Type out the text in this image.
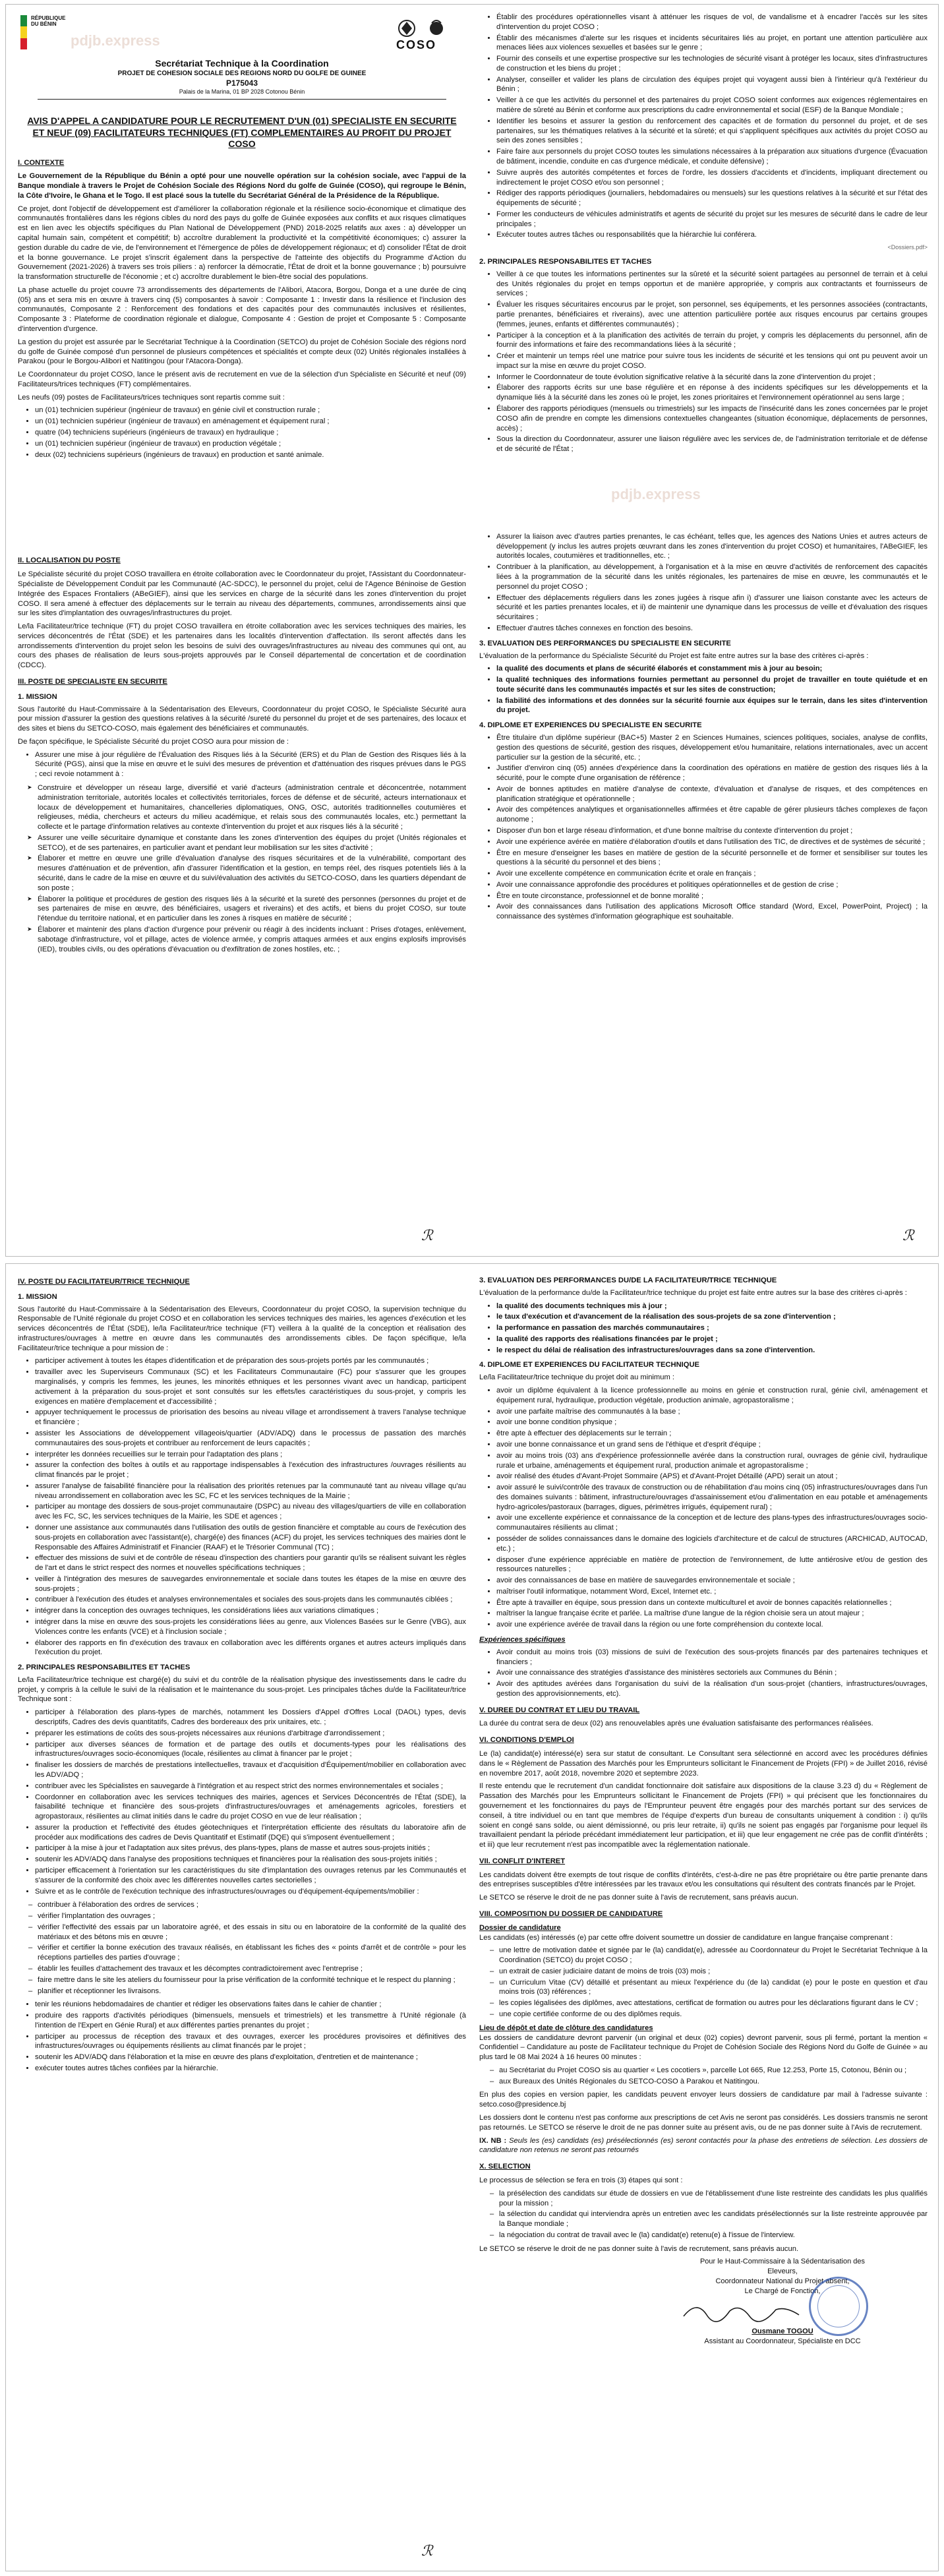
RÉPUBLIQUE
DU BÉNIN
pdjb.express	COSO
Secrétariat Technique à la Coordination
PROJET DE COHESION SOCIALE DES REGIONS NORD DU GOLFE DE GUINEE
P175043
Palais de la Marina, 01 BP 2028 Cotonou Bénin
AVIS D'APPEL A CANDIDATURE POUR LE RECRUTEMENT D'UN (01) SPECIALISTE EN SECURITE ET NEUF (09) FACILITATEURS TECHNIQUES (FT) COMPLEMENTAIRES AU PROFIT DU PROJET COSO
I. CONTEXTE

Le Gouvernement de la République du Bénin a opté pour une nouvelle opération sur la cohésion sociale, avec l'appui de la Banque mondiale à travers le Projet de Cohésion Sociale des Régions Nord du golfe de Guinée (COSO), qui regroupe le Bénin, la Côte d'Ivoire, le Ghana et le Togo. Il est placé sous la tutelle du Secrétariat Général de la Présidence de la République.

Ce projet, dont l'objectif de développement est d'améliorer la collaboration régionale et la résilience socio-économique et climatique des communautés frontalières dans les régions cibles du nord des pays du golfe de Guinée exposées aux conflits et aux risques climatiques est en lien avec les objectifs spécifiques du Plan National de Développement (PND) 2018-2025 relatifs aux axes : a) développer un capital humain sain, compétent et compétitif; b) accroître durablement la productivité et la compétitivité économiques; c) assurer la gestion durable du cadre de vie, de l'environnement et l'émergence de pôles de développement régionaux; et d) consolider l'État de droit et la bonne gouvernance. Le projet s'inscrit également dans la perspective de l'atteinte des objectifs du Programme d'Action du Gouvernement (2021-2026) à travers ses trois piliers : a) renforcer la démocratie, l'État de droit et la bonne gouvernance ; b) poursuivre la transformation structurelle de l'économie ; et c) accroître durablement le bien-être social des populations.

La phase actuelle du projet couvre 73 arrondissements des départements de l'Alibori, Atacora, Borgou, Donga et a une durée de cinq (05) ans et sera mis en œuvre à travers cinq (5) composantes à savoir : Composante 1 : Investir dans la résilience et l'inclusion des communautés, Composante 2 : Renforcement des fondations et des capacités pour des communautés inclusives et résilientes, Composante 3 : Plateforme de coordination régionale et dialogue, Composante 4 : Gestion de projet et Composante 5 : Composante d'intervention d'urgence.

La gestion du projet est assurée par le Secrétariat Technique à la Coordination (SETCO) du projet de Cohésion Sociale des régions nord du golfe de Guinée composé d'un personnel de plusieurs compétences et spécialités et compte deux (02) Unités régionales installées à Parakou (pour le Borgou-Alibori et Natitingou (pour l'Atacora-Donga).

Le Coordonnateur du projet COSO, lance le présent avis de recrutement en vue de la sélection d'un Spécialiste en Sécurité et neuf (09) Facilitateurs/trices techniques (FT) complémentaires.

Les neufs (09) postes de Facilitateurs/trices techniques sont repartis comme suit :

• un (01) technicien supérieur (ingénieur de travaux) en génie civil et construction rurale ;
• un (01) technicien supérieur (ingénieur de travaux) en aménagement et équipement rural ;
• quatre (04) techniciens supérieurs (ingénieurs de travaux) en hydraulique ;
• un (01) technicien supérieur (ingénieur de travaux) en production végétale ;
• deux (02) techniciens supérieurs (ingénieurs de travaux) en production et santé animale.
II. LOCALISATION DU POSTE

Le Spécialiste sécurité du projet COSO travaillera en étroite collaboration avec le Coordonnateur du projet, l'Assistant du Coordonnateur-Spécialiste de Développement Conduit par les Communauté (AC-SDCC), le personnel du projet, celui de l'Agence Béninoise de Gestion Intégrée des Espaces Frontaliers (ABeGIEF), ainsi que les services en charge de la sécurité dans les zones d'intervention du projet COSO. Il sera amené à effectuer des déplacements sur le terrain au niveau des départements, communes, arrondissements ainsi que sur les sites d'implantation des ouvrages/infrastructures du projet.

Le/la Facilitateur/trice technique (FT) du projet COSO travaillera en étroite collaboration avec les services techniques des mairies, les services déconcentrés de l'État (SDE) et les partenaires dans les localités d'intervention d'affectation. Ils seront affectés dans les arrondissements d'intervention du projet selon les besoins de suivi des ouvrages/infrastructures au niveau des communes qui ont, au cours des phases de réalisation de leurs sous-projets approuvés par le Conseil départemental de concertation et de coordination (CDCC).

III. POSTE DE SPECIALISTE EN SECURITE
1. MISSION

Sous l'autorité du Haut-Commissaire à la Sédentarisation des Eleveurs, Coordonnateur du projet COSO, le Spécialiste Sécurité aura pour mission d'assurer la gestion des questions relatives à la sécurité /sureté du personnel du projet et de ses partenaires, des locaux et des sites et biens du SETCO-COSO, mais également des bénéficiaires et communautés.

De façon spécifique, le Spécialiste Sécurité du projet COSO aura pour mission de :

• Assurer une mise à jour régulière de l'Évaluation des Risques liés à la Sécurité (ERS) et du Plan de Gestion des Risques liés à la Sécurité (PGS), ainsi que la mise en œuvre et le suivi des mesures de prévention et d'atténuation des risques prévues dans le PGS ; ceci revoie notamment à :
➤ Construire et développer un réseau large, diversifié et varié d'acteurs (administration centrale et déconcentrée, notamment administration territoriale, autorités locales et collectivités territoriales, forces de défense et de sécurité, acteurs internationaux et locaux de développement et humanitaires, chancelleries diplomatiques, ONG, OSC, autorités traditionnelles coutumières et religieuses, média, chercheurs et acteurs du milieu académique, et relais sous des communautés locales, etc.) permettant la collecte et le partage d'information relatives au contexte d'intervention du projet et aux risques liés à la sécurité ;
➤ Assurer une veille sécuritaire dynamique et constante dans les zones d'intervention des équipes du projet (Unités régionales et SETCO), et de ses partenaires, en particulier avant et pendant leur mobilisation sur les sites d'activité ;
➤ Élaborer et mettre en œuvre une grille d'évaluation d'analyse des risques sécuritaires et de la vulnérabilité, comportant des mesures d'atténuation et de prévention, afin d'assurer l'identification et la gestion, en temps réel, des risques potentiels liés à la sécurité, dans le cadre de la mise en œuvre et du suivi/évaluation des activités du SETCO-COSO, dans les quartiers dépendant de son poste ;
➤ Élaborer la politique et procédures de gestion des risques liés à la sécurité et la sureté des personnes (personnes du projet et de ses partenaires de mise en œuvre, des bénéficiaires, usagers et riverains) et des actifs, et biens du projet COSO, sur toute l'étendue du territoire national, et en particulier dans les zones à risques en matière de sécurité ;
➤ Élaborer et maintenir des plans d'action d'urgence pour prévenir ou réagir à des incidents incluant : Prises d'otages, enlèvement, sabotage d'infrastructure, vol et pillage, actes de violence armée, y compris attaques armées et aux engins explosifs improvisés (IED), troubles civils, ou des opérations d'évacuation ou d'exfiltration de zones hostiles, etc. ;
• Établir des procédures opérationnelles visant à atténuer les risques de vol, de vandalisme et à encadrer l'accès sur les sites d'intervention du projet COSO ;
• Établir des mécanismes d'alerte sur les risques et incidents sécuritaires liés au projet, en portant une attention particulière aux menaces liées aux violences sexuelles et basées sur le genre ;
• Fournir des conseils et une expertise prospective sur les technologies de sécurité visant à protéger les locaux, sites d'infrastructures de construction et les biens du projet ;
• Analyser, conseiller et valider les plans de circulation des équipes projet qui voyagent aussi bien à l'intérieur qu'à l'extérieur du Bénin ;
• Veiller à ce que les activités du personnel et des partenaires du projet COSO soient conformes aux exigences réglementaires en matière de sûreté au Bénin et conforme aux prescriptions du cadre environnemental et social (ESF) de la Banque Mondiale ;
• Identifier les besoins et assurer la gestion du renforcement des capacités et de formation du personnel du projet, et de ses partenaires, sur les thématiques relatives à la sécurité et la sûreté; et qui s'appliquent spécifiques aux activités du projet COSO au sein des zones sensibles ;
• Faire faire aux personnels du projet COSO toutes les simulations nécessaires à la préparation aux situations d'urgence (Évacuation de bâtiment, incendie, conduite en cas d'urgence médicale, et conduite défensive) ;
• Suivre auprès des autorités compétentes et forces de l'ordre, les dossiers d'accidents et d'incidents, impliquant directement ou indirectement le projet COSO et/ou son personnel ;
• Rédiger des rapports périodiques (journaliers, hebdomadaires ou mensuels) sur les questions relatives à la sécurité et sur l'état des équipements de sécurité ;
• Former les conducteurs de véhicules administratifs et agents de sécurité du projet sur les mesures de sécurité dans le cadre de leur principales ;
• Exécuter toutes autres tâches ou responsabilités que la hiérarchie lui conférera.
<Dossiers.pdf>
2. PRINCIPALES RESPONSABILITES ET TACHES
• Veiller à ce que toutes les informations pertinentes sur la sûreté et la sécurité soient partagées au personnel de terrain et à celui des Unités régionales du projet en temps opportun et de manière appropriée, y compris aux contractants et fournisseurs de services ;
• Évaluer les risques sécuritaires encourus par le projet, son personnel, ses équipements, et les personnes associées (contractants, partie prenantes, bénéficiaires et riverains), avec une attention particulière portée aux risques encourus par certains groupes (femmes, jeunes, enfants et différentes communautés) ;
• Participer à la conception et à la planification des activités de terrain du projet, y compris les déplacements du personnel, afin de fournir des informations et faire des recommandations liées à la sécurité ;
• Créer et maintenir un temps réel une matrice pour suivre tous les incidents de sécurité et les tensions qui ont pu peuvent avoir un impact sur la mise en œuvre du projet COSO.
• Informer le Coordonnateur de toute évolution significative relative à la sécurité dans la zone d'intervention du projet ;
• Élaborer des rapports écrits sur une base régulière et en réponse à des incidents spécifiques sur les développements et la dynamique liés à la sécurité dans les zones où le projet, les zones prioritaires et l'environnement opérationnel au sens large ;
• Élaborer des rapports périodiques (mensuels ou trimestriels) sur les impacts de l'insécurité dans les zones concernées par le projet COSO afin de prendre en compte les dimensions contextuelles changeantes (situation économique, déplacements de personnes, accès) ;
• Sous la direction du Coordonnateur, assurer une liaison régulière avec les services de, de l'administration territoriale et de défense et de sécurité de l'État ;
pdjb.express
• Assurer la liaison avec d'autres parties prenantes, le cas échéant, telles que, les agences des Nations Unies et autres acteurs de développement (y inclus les autres projets œuvrant dans les zones d'intervention du projet COSO) et humanitaires, l'ABeGIEF, les autorités locales, coutumières et traditionnelles, etc. ;
• Contribuer à la planification, au développement, à l'organisation et à la mise en œuvre d'activités de renforcement des capacités liées à la programmation de la sécurité dans les unités régionales, les partenaires de mise en œuvre, les communautés et le personnel du projet COSO ;
• Effectuer des déplacements réguliers dans les zones jugées à risque afin i) d'assurer une liaison constante avec les acteurs de sécurité et les parties prenantes locales, et ii) de maintenir une dynamique dans les processus de veille et d'évaluation des risques sécuritaires ;
• Effectuer d'autres tâches connexes en fonction des besoins.
3. EVALUATION DES PERFORMANCES DU SPECIALISTE EN SECURITE

L'évaluation de la performance du Spécialiste Sécurité du Projet est faite entre autres sur la base des critères ci-après :

• la qualité des documents et plans de sécurité élaborés et constamment mis à jour au besoin;
• la qualité techniques des informations fournies permettant au personnel du projet de travailler en toute quiétude et en toute sécurité dans les communautés impactés et sur les sites de construction;
• la fiabilité des informations et des données sur la sécurité fournie aux équipes sur le terrain, dans les sites d'intervention du projet.
4. DIPLOME ET EXPERIENCES DU SPECIALISTE EN SECURITE
• Être titulaire d'un diplôme supérieur (BAC+5) Master 2 en Sciences Humaines, sciences politiques, sociales, analyse de conflits, gestion des questions de sécurité, gestion des risques, développement et/ou humanitaire, relations internationales, avec un accent particulier sur la gestion de la sécurité, etc. ;
• Justifier d'environ cinq (05) années d'expérience dans la coordination des opérations en matière de gestion des risques liés à la sécurité, pour le compte d'une organisation de référence ;
• Avoir de bonnes aptitudes en matière d'analyse de contexte, d'évaluation et d'analyse de risques, et des compétences en planification stratégique et opérationnelle ;
• Avoir des compétences analytiques et organisationnelles affirmées et être capable de gérer plusieurs tâches complexes de façon autonome ;
• Disposer d'un bon et large réseau d'information, et d'une bonne maîtrise du contexte d'intervention du projet ;
• Avoir une expérience avérée en matière d'élaboration d'outils et dans l'utilisation des TIC, de directives et de systèmes de sécurité ;
• Être en mesure d'enseigner les bases en matière de gestion de la sécurité personnelle et de former et sensibiliser sur toutes les questions à la sécurité du personnel et des biens ;
• Avoir une excellente compétence en communication écrite et orale en français ;
• Avoir une connaissance approfondie des procédures et politiques opérationnelles et de gestion de crise ;
• Être en toute circonstance, professionnel et de bonne moralité ;
• Avoir des connaissances dans l'utilisation des applications Microsoft Office standard (Word, Excel, PowerPoint, Project) ; la connaissance des systèmes d'information géographique est souhaitable.
ℛ	ℛ
IV. POSTE DU FACILITATEUR/TRICE TECHNIQUE
1. MISSION

Sous l'autorité du Haut-Commissaire à la Sédentarisation des Eleveurs, Coordonnateur du projet COSO, la supervision technique du Responsable de l'Unité régionale du projet COSO et en collaboration les services techniques des mairies, les agences d'exécution et les services déconcentrés de l'État (SDE), le/la Facilitateur/trice technique (FT) veillera à la qualité de la conception et réalisation des infrastructures/ouvrages à mettre en œuvre dans les communautés des arrondissements cibles. De façon spécifique, le/la Facilitateur/trice technique a pour mission de :

• participer activement à toutes les étapes d'identification et de préparation des sous-projets portés par les communautés ;
• travailler avec les Superviseurs Communaux (SC) et les Facilitateurs Communautaire (FC) pour s'assurer que les groupes marginalisés, y compris les femmes, les jeunes, les minorités ethniques et les personnes vivant avec un handicap, participent activement à la préparation du sous-projet et sont consultés sur les effets/les caractéristiques du sous-projet, y compris les exigences en matière d'emplacement et d'accessibilité ;
• appuyer techniquement le processus de priorisation des besoins au niveau village et arrondissement à travers l'analyse technique et financière ;
• assister les Associations de développement villageois/quartier (ADV/ADQ) dans le processus de passation des marchés communautaires des sous-projets et contribuer au renforcement de leurs capacités ;
• interpréter les données recueillies sur le terrain pour l'adaptation des plans ;
• assurer la confection des boîtes à outils et au rapportage indispensables à l'exécution des infrastructures /ouvrages résilients au climat financés par le projet ;
• assurer l'analyse de faisabilité financière pour la réalisation des priorités retenues par la communauté tant au niveau village qu'au niveau arrondissement en collaboration avec les SC, FC et les services techniques de la Mairie ;
• participer au montage des dossiers de sous-projet communautaire (DSPC) au niveau des villages/quartiers de ville en collaboration avec les FC, SC, les services techniques de la Mairie, les SDE et agences ;
• donner une assistance aux communautés dans l'utilisation des outils de gestion financière et comptable au cours de l'exécution des sous-projets en collaboration avec l'assistant(e), chargé(e) des finances (ACF) du projet, les services techniques des mairies dont le Responsable des Affaires Administratif et Financier (RAAF) et le Trésorier Communal (TC) ;
• effectuer des missions de suivi et de contrôle de réseau d'inspection des chantiers pour garantir qu'ils se réalisent suivant les règles de l'art et dans le strict respect des normes et nouvelles spécifications techniques ;
• veiller à l'intégration des mesures de sauvegardes environnementale et sociale dans toutes les étapes de la mise en œuvre des sous-projets ;
• contribuer à l'exécution des études et analyses environnementales et sociales des sous-projets dans les communautés ciblées ;
• intégrer dans la conception des ouvrages techniques, les considérations liées aux variations climatiques ;
• intégrer dans la mise en œuvre des sous-projets les considérations liées au genre, aux Violences Basées sur le Genre (VBG), aux Violences contre les enfants (VCE) et à l'inclusion sociale ;
• élaborer des rapports en fin d'exécution des travaux en collaboration avec les différents organes et autres acteurs impliqués dans l'exécution du projet.
2. PRINCIPALES RESPONSABILITES ET TACHES

Le/la Facilitateur/trice technique est chargé(e) du suivi et du contrôle de la réalisation physique des investissements dans le cadre du projet, y compris à la cellule le suivi de la réalisation et le maintenance du sous-projet. Les principales tâches du/de la Facilitateur/trice Technique sont :

• participer à l'élaboration des plans-types de marchés, notamment les Dossiers d'Appel d'Offres Local (DAOL) types, devis descriptifs, Cadres des devis quantitatifs, Cadres des bordereaux des prix unitaires, etc. ;
• préparer les estimations de coûts des sous-projets nécessaires aux réunions d'arbitrage d'arrondissement ;
• participer aux diverses séances de formation et de partage des outils et documents-types pour les réalisations des infrastructures/ouvrages socio-économiques (locale, résilientes au climat à financer par le projet ;
• finaliser les dossiers de marchés de prestations intellectuelles, travaux et d'acquisition d'Équipement/mobilier en collaboration avec les ADV/ADQ ;
• contribuer avec les Spécialistes en sauvegarde à l'intégration et au respect strict des normes environnementales et sociales ;
• Coordonner en collaboration avec les services techniques des mairies, agences et Services Déconcentrés de l'État (SDE), la faisabilité technique et financière des sous-projets d'infrastructures/ouvrages et aménagements agricoles, forestiers et agropastoraux, résilientes au climat initiés dans le cadre du projet COSO en vue de leur réalisation ;
• assurer la production et l'effectivité des études géotechniques et l'interprétation efficiente des résultats du laboratoire afin de procéder aux modifications des cadres de Devis Quantitatif et Estimatif (DQE) qui s'imposent éventuellement ;
• participer à la mise à jour et l'adaptation aux sites prévus, des plans-types, plans de masse et autres sous-projets initiés ;
• soutenir les ADV/ADQ dans l'analyse des propositions techniques et financières pour la réalisation des sous-projets initiés ;
• participer efficacement à l'orientation sur les caractéristiques du site d'implantation des ouvrages retenus par les Communautés et s'assurer de la conformité des choix avec les différentes nouvelles cartes sectorielles ;
• Suivre et as le contrôle de l'exécution technique des infrastructures/ouvrages ou d'équipement-équipements/mobilier :
– contribuer à l'élaboration des ordres de services ;
– vérifier l'implantation des ouvrages ;
– vérifier l'effectivité des essais par un laboratoire agréé, et des essais in situ ou en laboratoire de la conformité de la qualité des matériaux et des bétons mis en œuvre ;
– vérifier et certifier la bonne exécution des travaux réalisés, en établissant les fiches des « points d'arrêt et de contrôle » pour les réceptions partielles des parties d'ouvrage ;
– établir les feuilles d'attachement des travaux et les décomptes contradictoirement avec l'entreprise ;
– faire mettre dans le site les ateliers du fournisseur pour la prise vérification de la conformité technique et le respect du planning ;
– planifier et réceptionner les livraisons.
• tenir les réunions hebdomadaires de chantier et rédiger les observations faites dans le cahier de chantier ;
• produire des rapports d'activités périodiques (bimensuels, mensuels et trimestriels) et les transmettre à l'Unité régionale (à l'intention de l'Expert en Génie Rural) et aux différentes parties prenantes du projet ;
• participer au processus de réception des travaux et des ouvrages, exercer les procédures provisoires et définitives des infrastructures/ouvrages ou équipements résilients au climat financés par le projet ;
• soutenir les ADV/ADQ dans l'élaboration et la mise en œuvre des plans d'exploitation, d'entretien et de maintenance ;
• exécuter toutes autres tâches confiées par la hiérarchie.
3. EVALUATION DES PERFORMANCES DU/DE LA FACILITATEUR/TRICE TECHNIQUE

L'évaluation de la performance du/de la Facilitateur/trice technique du projet est faite entre autres sur la base des critères ci-après :

• la qualité des documents techniques mis à jour ;
• le taux d'exécution et d'avancement de la réalisation des sous-projets de sa zone d'intervention ;
• la performance en passation des marchés communautaires ;
• la qualité des rapports des réalisations financées par le projet ;
• le respect du délai de réalisation des infrastructures/ouvrages dans sa zone d'intervention.
4. DIPLOME ET EXPERIENCES DU FACILITATEUR TECHNIQUE

Le/la Facilitateur/trice technique du projet doit au minimum :

• avoir un diplôme équivalent à la licence professionnelle au moins en génie et construction rural, génie civil, aménagement et équipement rural, hydraulique, production végétale, production animale, agropastoralisme ;
• avoir une parfaite maîtrise des communautés à la base ;
• avoir une bonne condition physique ;
• être apte à effectuer des déplacements sur le terrain ;
• avoir une bonne connaissance et un grand sens de l'éthique et d'esprit d'équipe ;
• avoir au moins trois (03) ans d'expérience professionnelle avérée dans la construction rural, ouvrages de génie civil, hydraulique rurale et urbaine, aménagements et équipement rural, production animale et agropastoralisme ;
• avoir réalisé des études d'Avant-Projet Sommaire (APS) et d'Avant-Projet Détaillé (APD) serait un atout ;
• avoir assuré le suivi/contrôle des travaux de construction ou de réhabilitation d'au moins cinq (05) infrastructures/ouvrages dans l'un des domaines suivants : bâtiment, infrastructure/ouvrages d'assainissement et/ou d'alimentation en eau potable et aménagements hydro-agricoles/pastoraux (barrages, digues, périmètres irrigués, équipement rural) ;
• avoir une excellente expérience et connaissance de la conception et de lecture des plans-types des infrastructures/ouvrages socio-communautaires résilients au climat ;
• posséder de solides connaissances dans le domaine des logiciels d'architecture et de calcul de structures (ARCHICAD, AUTOCAD, etc.) ;
• disposer d'une expérience appréciable en matière de protection de l'environnement, de lutte antiérosive et/ou de gestion des ressources naturelles ;
• avoir des connaissances de base en matière de sauvegardes environnementale et sociale ;
• maîtriser l'outil informatique, notamment Word, Excel, Internet etc. ;
• Être apte à travailler en équipe, sous pression dans un contexte multiculturel et avoir de bonnes capacités relationnelles ;
• maîtriser la langue française écrite et parlée. La maîtrise d'une langue de la région choisie sera un atout majeur ;
• avoir une expérience avérée de travail dans la région ou une forte compréhension du contexte local.
Expériences spécifiques
• Avoir conduit au moins trois (03) missions de suivi de l'exécution des sous-projets financés par des partenaires techniques et financiers ;
• Avoir une connaissance des stratégies d'assistance des ministères sectoriels aux Communes du Bénin ;
• Avoir des aptitudes avérées dans l'organisation du suivi de la réalisation d'un sous-projet (chantiers, infrastructures/ouvrages, gestion des approvisionnements, etc).
V. DUREE DU CONTRAT ET LIEU DU TRAVAIL

La durée du contrat sera de deux (02) ans renouvelables après une évaluation satisfaisante des performances réalisées.

VI. CONDITIONS D'EMPLOI

Le (la) candidat(e) intéressé(e) sera sur statut de consultant. Le Consultant sera sélectionné en accord avec les procédures définies dans le « Règlement de Passation des Marchés pour les Emprunteurs sollicitant le Financement de Projets (FPI) » de Juillet 2016, révisé en novembre 2017, août 2018, novembre 2020 et septembre 2023.

Il reste entendu que le recrutement d'un candidat fonctionnaire doit satisfaire aux dispositions de la clause 3.23 d) du « Règlement de Passation des Marchés pour les Emprunteurs sollicitant le Financement de Projets (FPI) » qui précisent que les fonctionnaires du gouvernement et les fonctionnaires du pays de l'Emprunteur peuvent être engagés pour des marchés portant sur des services de conseil, à titre individuel ou en tant que membres de l'équipe d'experts d'un bureau de consultants uniquement à condition : i) qu'ils soient en congé sans solde, ou aient démissionné, ou pris leur retraite, ii) qu'ils ne soient pas engagés par l'organisme pour lequel ils travaillaient pendant la période précédant immédiatement leur participation, et iii) que leur engagement ne crée pas de conflit d'intérêts ; et iii) que leur recrutement n'est pas incompatible avec la réglementation nationale.

VII. CONFLIT D'INTERET

Les candidats doivent être exempts de tout risque de conflits d'intérêts, c'est-à-dire ne pas être propriétaire ou être partie prenante dans des entreprises susceptibles d'être intéressées par les travaux et/ou les consultations qui résultent des contrats financés par le Projet.

Le SETCO se réserve le droit de ne pas donner suite à l'avis de recrutement, sans préavis aucun.

VIII. COMPOSITION DU DOSSIER DE CANDIDATURE
Dossier de candidature

Les candidats (es) intéressés (e) par cette offre doivent soumettre un dossier de candidature en langue française comprenant :

– une lettre de motivation datée et signée par le (la) candidat(e), adressée au Coordonnateur du Projet le Secrétariat Technique à la Coordination (SETCO) du projet COSO ;
– un extrait de casier judiciaire datant de moins de trois (03) mois ;
– un Curriculum Vitae (CV) détaillé et présentant au mieux l'expérience du (de la) candidat (e) pour le poste en question et d'au moins trois (03) références ;
– les copies légalisées des diplômes, avec attestations, certificat de formation ou autres pour les déclarations figurant dans le CV ;
– une copie certifiée conforme de ou des diplômes requis.
Lieu de dépôt et date de clôture des candidatures

Les dossiers de candidature devront parvenir (un original et deux (02) copies) devront parvenir, sous pli fermé, portant la mention « Confidentiel – Candidature au poste de Facilitateur technique du Projet de Cohésion Sociale des Régions Nord du Golfe de Guinée » au plus tard le 08 Mai 2024 à 16 heures 00 minutes :

– au Secrétariat du Projet COSO sis au quartier « Les cocotiers », parcelle Lot 665, Rue 12.253, Porte 15, Cotonou, Bénin ou ;
– aux Bureaux des Unités Régionales du SETCO-COSO à Parakou et Natitingou.

En plus des copies en version papier, les candidats peuvent envoyer leurs dossiers de candidature par mail à l'adresse suivante : setco.coso@presidence.bj

Les dossiers dont le contenu n'est pas conforme aux prescriptions de cet Avis ne seront pas considérés. Les dossiers transmis ne seront pas retournés. Le SETCO se réserve le droit de ne pas donner suite au présent avis, ou de ne pas donner suite à l'Avis de recrutement.

IX. NB : Seuls les (es) candidats (es) présélectionnés (es) seront contactés pour la phase des entretiens de sélection. Les dossiers de candidature non retenus ne seront pas retournés

X. SELECTION

Le processus de sélection se fera en trois (3) étapes qui sont :

– la présélection des candidats sur étude de dossiers en vue de l'établissement d'une liste restreinte des candidats les plus qualifiés pour la mission ;
– la sélection du candidat qui interviendra après un entretien avec les candidats présélectionnés sur la liste restreinte approuvée par la Banque mondiale ;
– la négociation du contrat de travail avec le (la) candidat(e) retenu(e) à l'issue de l'interview.

Le SETCO se réserve le droit de ne pas donner suite à l'avis de recrutement, sans préavis aucun.

Pour le Haut-Commissaire à la Sédentarisation des
Eleveurs,
Coordonnateur National du Projet absent,
Le Chargé de Fonction,
Ousmane TOGOU
Assistant au Coordonnateur, Spécialiste en DCC
ℛ
